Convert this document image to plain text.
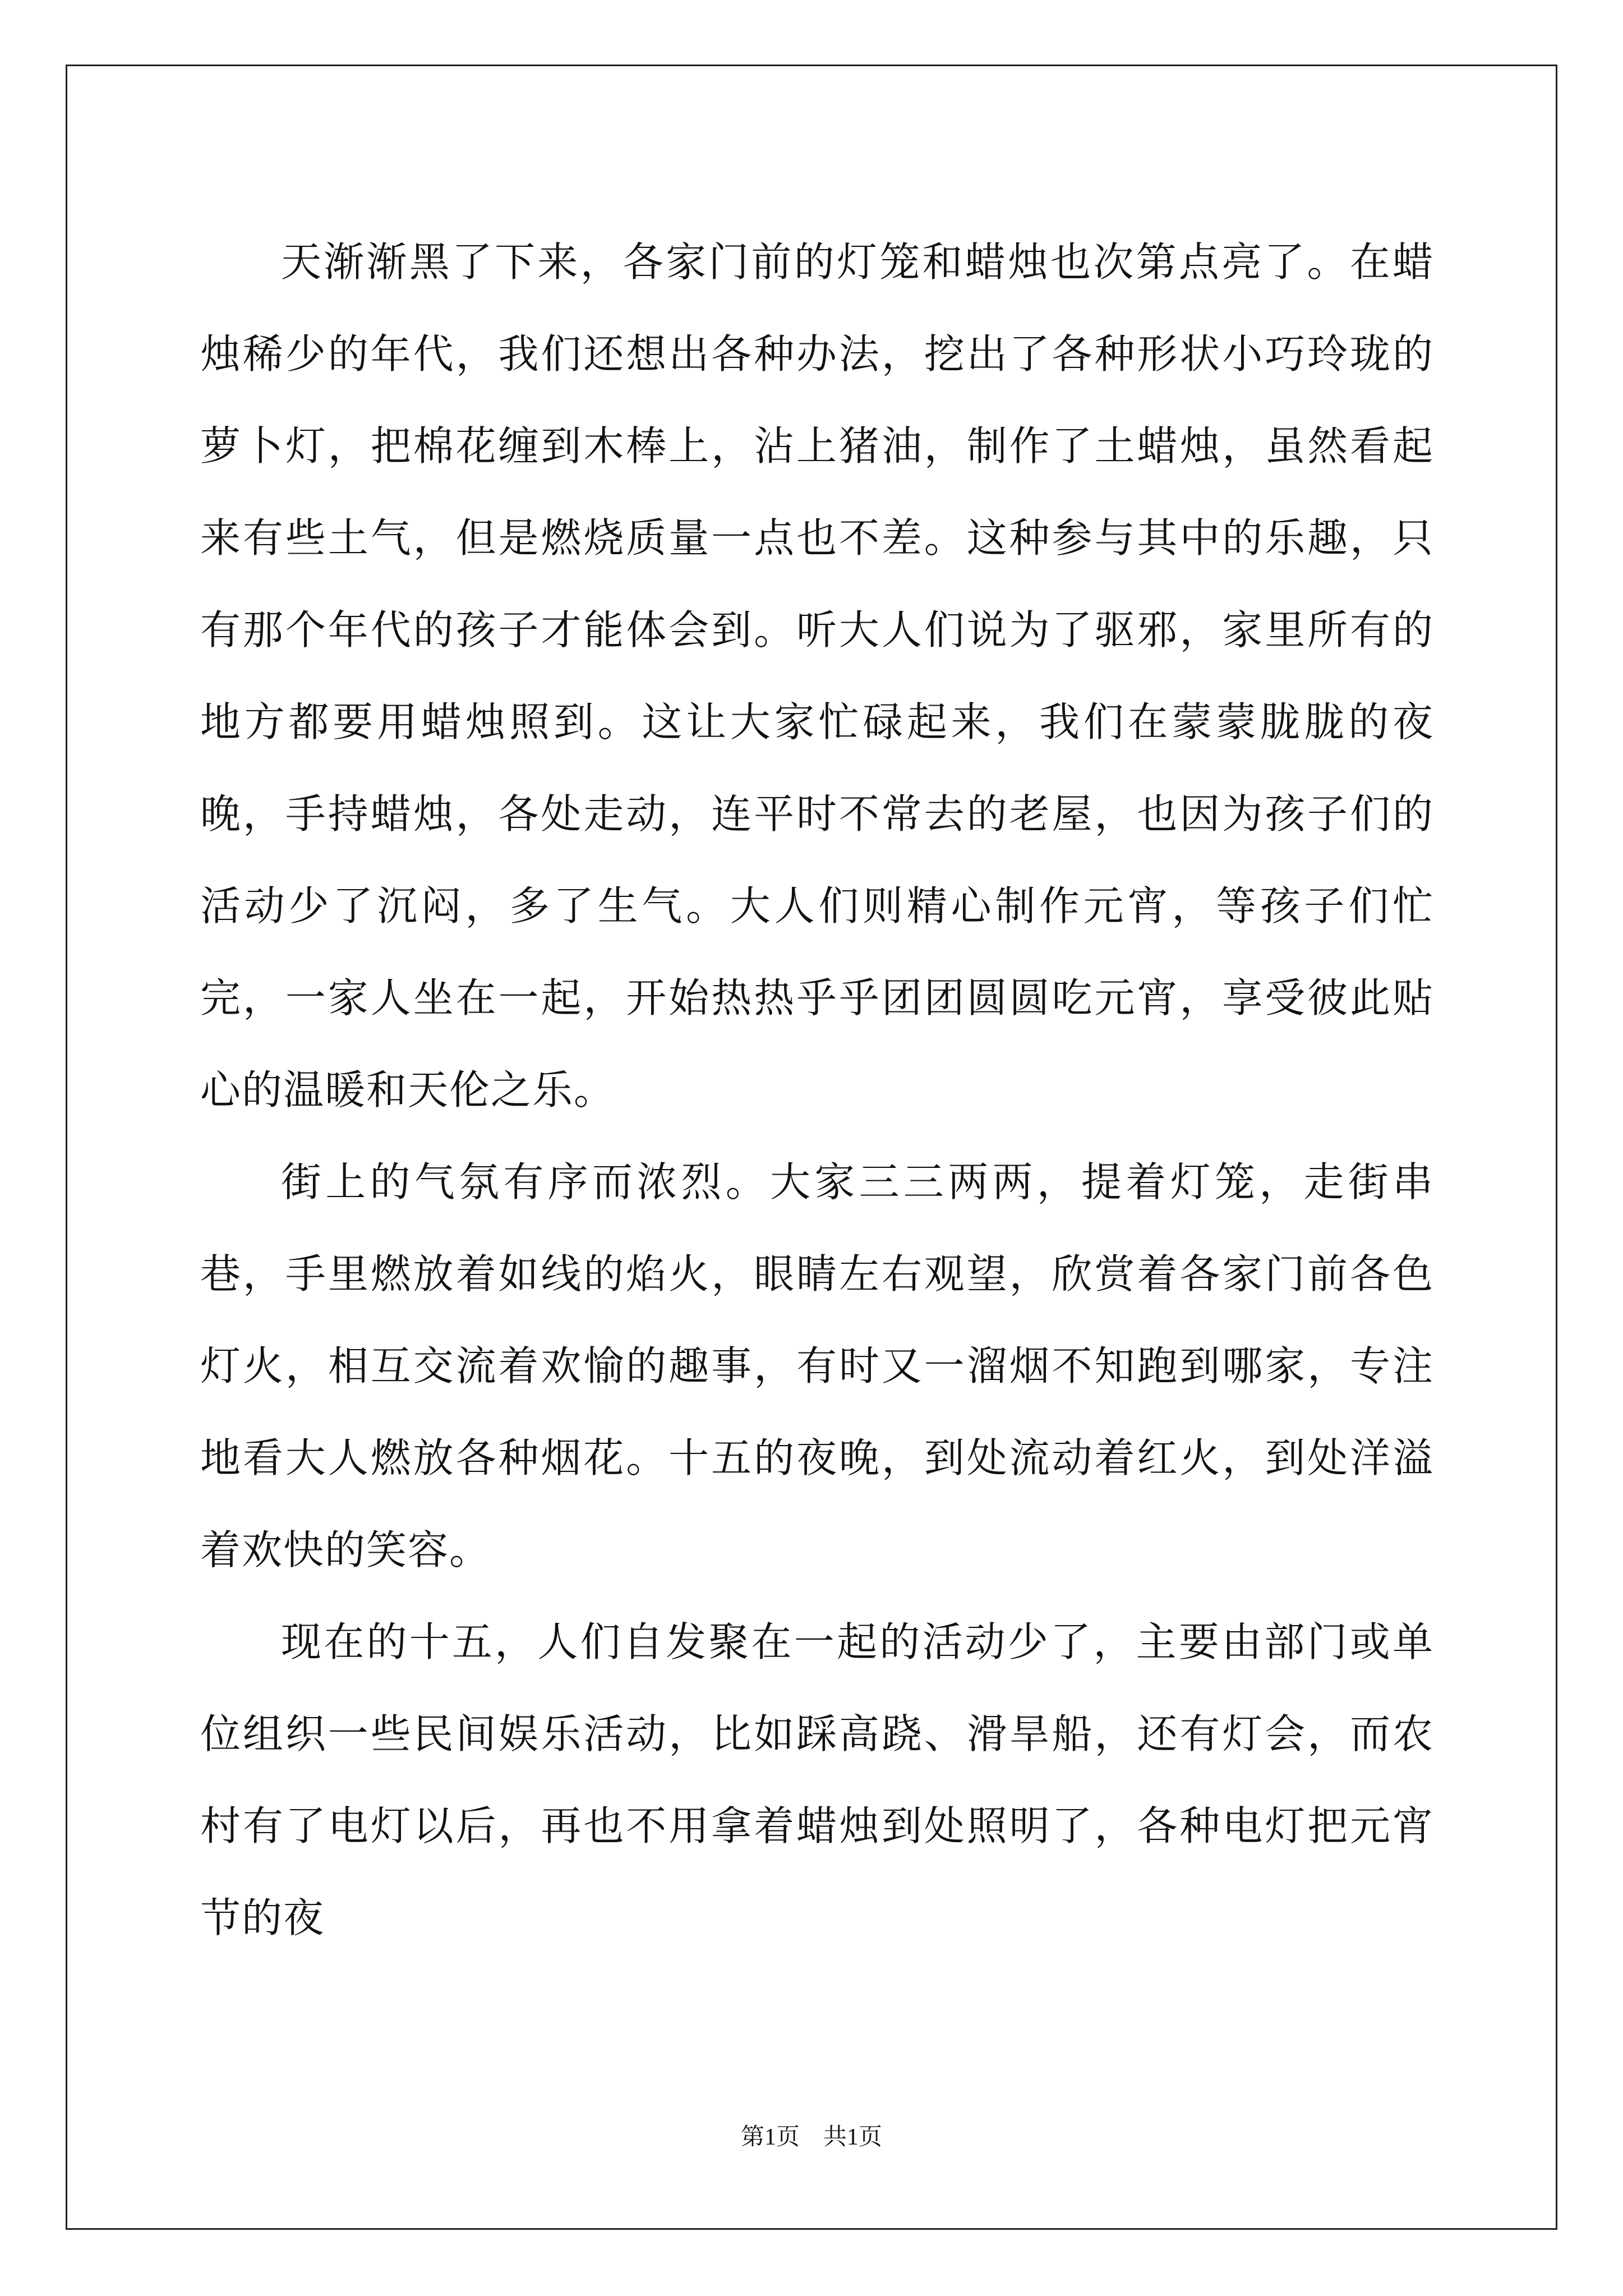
天渐渐黑了下来，各家门前的灯笼和蜡烛也次第点亮了。在蜡烛稀少的年代，我们还想出各种办法，挖出了各种形状小巧玲珑的萝卜灯，把棉花缠到木棒上，沾上猪油，制作了土蜡烛，虽然看起来有些土气，但是燃烧质量一点也不差。这种参与其中的乐趣，只有那个年代的孩子才能体会到。听大人们说为了驱邪，家里所有的地方都要用蜡烛照到。这让大家忙碌起来，我们在蒙蒙胧胧的夜晚，手持蜡烛，各处走动，连平时不常去的老屋，也因为孩子们的活动少了沉闷，多了生气。大人们则精心制作元宵，等孩子们忙完，一家人坐在一起，开始热热乎乎团团圆圆吃元宵，享受彼此贴心的温暖和天伦之乐。

街上的气氛有序而浓烈。大家三三两两，提着灯笼，走街串巷，手里燃放着如线的焰火，眼睛左右观望，欣赏着各家门前各色灯火，相互交流着欢愉的趣事，有时又一溜烟不知跑到哪家，专注地看大人燃放各种烟花。十五的夜晚，到处流动着红火，到处洋溢着欢快的笑容。

现在的十五，人们自发聚在一起的活动少了，主要由部门或单位组织一些民间娱乐活动，比如踩高跷、滑旱船，还有灯会，而农村有了电灯以后，再也不用拿着蜡烛到处照明了，各种电灯把元宵节的夜

第1页　共1页
